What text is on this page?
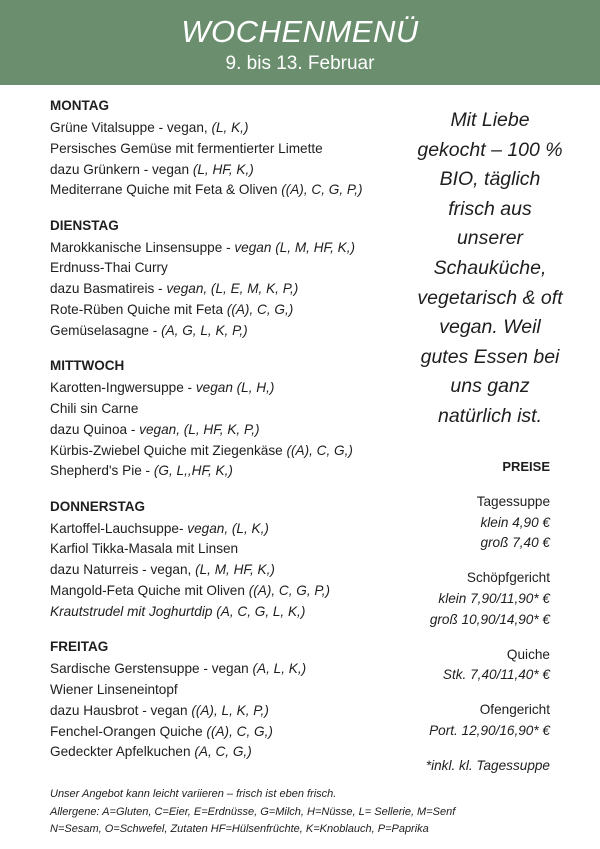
WOCHENMENÜ
9. bis 13. Februar
MONTAG
Grüne Vitalsuppe - vegan, (L, K,)
Persisches Gemüse mit fermentierter Limette
dazu Grünkern - vegan (L, HF, K,)
Mediterrane Quiche mit Feta & Oliven ((A), C, G, P,)
DIENSTAG
Marokkanische Linsensuppe - vegan (L, M, HF, K,)
Erdnuss-Thai Curry
dazu Basmatireis - vegan, (L, E, M, K, P,)
Rote-Rüben Quiche mit Feta ((A), C, G,)
Gemüselasagne - (A, G, L, K, P,)
MITTWOCH
Karotten-Ingwersuppe - vegan (L, H,)
Chili sin Carne
dazu Quinoa - vegan, (L, HF, K, P,)
Kürbis-Zwiebel Quiche mit Ziegenkäse ((A), C, G,)
Shepherd's Pie - (G, L,,HF, K,)
DONNERSTAG
Kartoffel-Lauchsuppe- vegan, (L, K,)
Karfiol Tikka-Masala mit Linsen
dazu Naturreis - vegan, (L, M, HF, K,)
Mangold-Feta Quiche mit Oliven ((A), C, G, P,)
Krautstrudel mit Joghurtdip (A, C, G, L, K,)
FREITAG
Sardische Gerstensuppe - vegan (A, L, K,)
Wiener Linseneintopf
dazu Hausbrot - vegan ((A), L, K, P,)
Fenchel-Orangen Quiche ((A), C, G,)
Gedeckter Apfelkuchen (A, C, G,)
Mit Liebe
gekocht – 100 %
BIO, täglich
frisch aus
unserer
Schauküche,
vegetarisch & oft
vegan. Weil
gutes Essen bei
uns ganz
natürlich ist.
PREISE
Tagessuppe
klein 4,90 €
groß 7,40 €
Schöpfgericht
klein 7,90/11,90* €
groß 10,90/14,90* €
Quiche
Stk. 7,40/11,40* €
Ofengericht
Port. 12,90/16,90* €
*inkl. kl. Tagessuppe
Unser Angebot kann leicht variieren – frisch ist eben frisch.
Allergene: A=Gluten, C=Eier, E=Erdnüsse, G=Milch, H=Nüsse, L= Sellerie, M=Senf
N=Sesam, O=Schwefel, Zutaten HF=Hülsenfrüchte, K=Knoblauch, P=Paprika
